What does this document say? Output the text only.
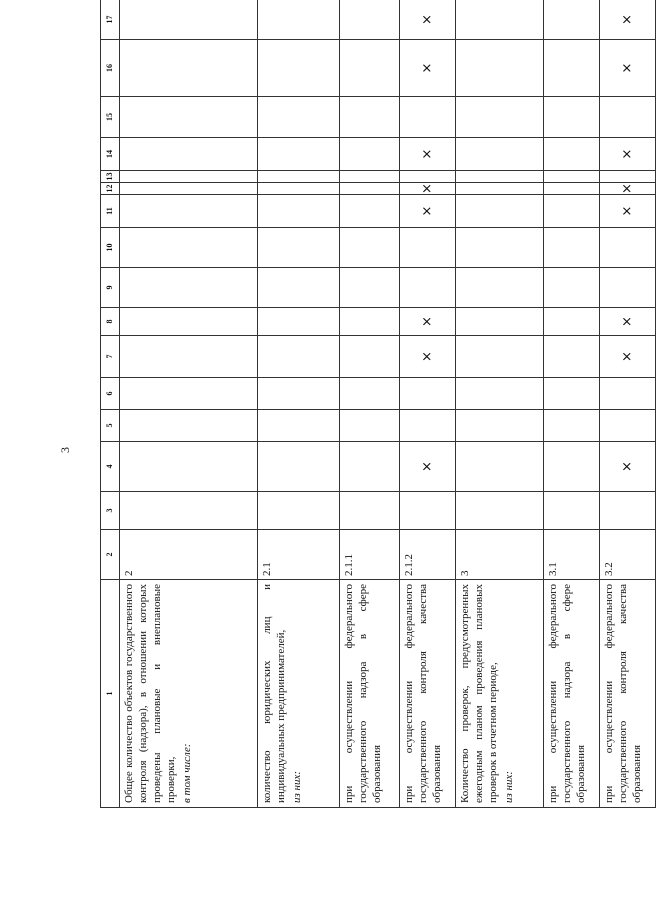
3
1	2	3	4	5	6	7	8	9	10	11	12	13	14	15	16	17

Общее количество объектов государственного контроля (надзора), в отношении которых проведены плановые и внеплановые проверки, в том числе:	2															

количество юридических лиц и индивидуальных предпринимателей, из них:	2.1															

при осуществлении федерального государственного надзора в сфере образования	2.1.1															

при осуществлении федерального государственного контроля качества образования	2.1.2		×			×	×			×	×		×		×	×

Количество проверок, предусмотренных ежегодным планом проведения плановых проверок в отчетном периоде, из них:	3															

при осуществлении федерального государственного надзора в сфере образования	3.1															

при осуществлении федерального государственного контроля качества образования	3.2		×			×	×			×	×		×		×	×
